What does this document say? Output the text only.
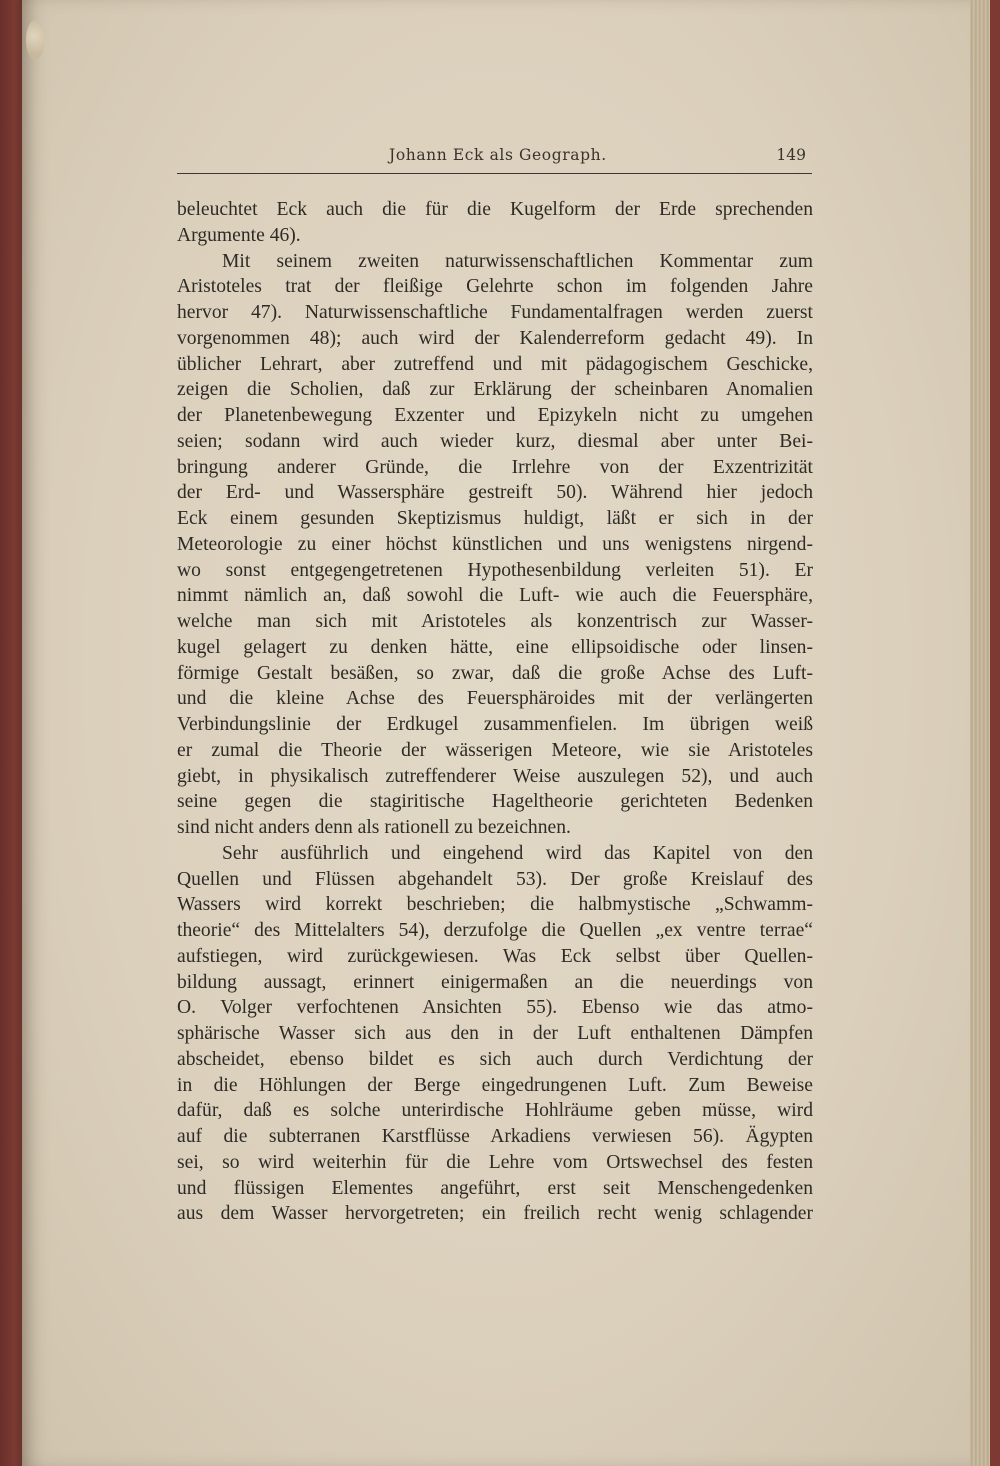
Johann Eck als Geograph.	149
beleuchtet Eck auch die für die Kugelform der Erde sprechenden
Argumente 46).
Mit seinem zweiten naturwissenschaftlichen Kommentar zum
Aristoteles trat der fleißige Gelehrte schon im folgenden Jahre
hervor 47). Naturwissenschaftliche Fundamentalfragen werden zuerst
vorgenommen 48); auch wird der Kalenderreform gedacht 49). In
üblicher Lehrart, aber zutreffend und mit pädagogischem Geschicke,
zeigen die Scholien, daß zur Erklärung der scheinbaren Anomalien
der Planetenbewegung Exzenter und Epizykeln nicht zu umgehen
seien; sodann wird auch wieder kurz, diesmal aber unter Bei-
bringung anderer Gründe, die Irrlehre von der Exzentrizität
der Erd- und Wassersphäre gestreift 50). Während hier jedoch
Eck einem gesunden Skeptizismus huldigt, läßt er sich in der
Meteorologie zu einer höchst künstlichen und uns wenigstens nirgend-
wo sonst entgegengetretenen Hypothesenbildung verleiten 51). Er
nimmt nämlich an, daß sowohl die Luft- wie auch die Feuersphäre,
welche man sich mit Aristoteles als konzentrisch zur Wasser-
kugel gelagert zu denken hätte, eine ellipsoidische oder linsen-
förmige Gestalt besäßen, so zwar, daß die große Achse des Luft-
und die kleine Achse des Feuersphäroides mit der verlängerten
Verbindungslinie der Erdkugel zusammenfielen. Im übrigen weiß
er zumal die Theorie der wässerigen Meteore, wie sie Aristoteles
giebt, in physikalisch zutreffenderer Weise auszulegen 52), und auch
seine gegen die stagiritische Hageltheorie gerichteten Bedenken
sind nicht anders denn als rationell zu bezeichnen.
Sehr ausführlich und eingehend wird das Kapitel von den
Quellen und Flüssen abgehandelt 53). Der große Kreislauf des
Wassers wird korrekt beschrieben; die halbmystische „Schwamm-
theorie“ des Mittelalters 54), derzufolge die Quellen „ex ventre terrae“
aufstiegen, wird zurückgewiesen. Was Eck selbst über Quellen-
bildung aussagt, erinnert einigermaßen an die neuerdings von
O. Volger verfochtenen Ansichten 55). Ebenso wie das atmo-
sphärische Wasser sich aus den in der Luft enthaltenen Dämpfen
abscheidet, ebenso bildet es sich auch durch Verdichtung der
in die Höhlungen der Berge eingedrungenen Luft. Zum Beweise
dafür, daß es solche unterirdische Hohlräume geben müsse, wird
auf die subterranen Karstflüsse Arkadiens verwiesen 56). Ägypten
sei, so wird weiterhin für die Lehre vom Ortswechsel des festen
und flüssigen Elementes angeführt, erst seit Menschengedenken
aus dem Wasser hervorgetreten; ein freilich recht wenig schlagender
